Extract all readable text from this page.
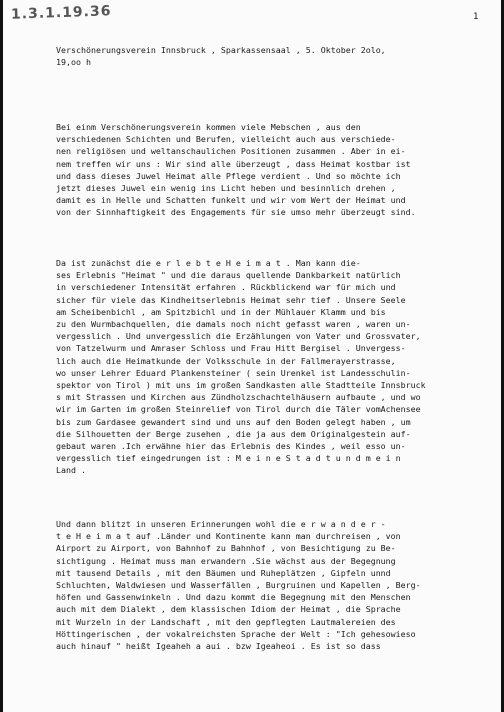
1.3.1.19.36	1
Verschönerungsverein Innsbruck , Sparkassensaal , 5. Oktober 2olo,
19,oo h
Bei einm Verschönerungsverein kommen viele Mebschen , aus den
verschiedenen Schichten und Berufen, vielleicht auch aus verschiede-
nen religiösen und weltanschaulichen Positionen zusammen . Aber in ei-
nem treffen wir uns : Wir sind alle überzeugt , dass Heimat kostbar ist
und dass dieses Juwel Heimat alle Pflege verdient . Und so möchte ich
jetzt dieses Juwel ein wenig ins Licht heben und besinnlich drehen ,
damit es in Helle und Schatten funkelt und wir vom Wert der Heimat und
von der Sinnhaftigkeit des Engagements für sie umso mehr überzeugt sind.
Da ist zunächst die e r l e b t e H e i m a t . Man kann die-
ses Erlebnis "Heimat " und die daraus quellende Dankbarkeit natürlich
in verschiedener Intensität erfahren . Rückblickend war für mich und
sicher für viele das Kindheitserlebnis Heimat sehr tief . Unsere Seele
am Scheibenbichl , am Spitzbichl und in der Mühlauer Klamm und bis
zu den Wurmbachquellen, die damals noch nicht gefasst waren , waren un-
vergesslich . Und unvergesslich die Erzählungen von Vater und Grossvater,
von Tatzelwurm und Amraser Schloss und Frau Hitt Bergisel . Unvergess-
lich auch die Heimatkunde der Volksschule in der Fallmerayerstrasse,
wo unser Lehrer Eduard Plankensteiner ( sein Urenkel ist Landesschulin-
spektor von Tirol ) mit uns im großen Sandkasten alle Stadtteile Innsbruck
s mit Strassen und Kirchen aus Zündholzschachtelhäusern aufbaute , und wo
wir im Garten im großen Steinrelief von Tirol durch die Täler vomAchensee
bis zum Gardasee gewandert sind und uns auf den Boden gelegt haben , um
die Silhouetten der Berge zusehen , die ja aus dem Originalgestein auf-
gebaut waren .Ich erwähne hier das Erlebnis des Kindes , weil esso un-
vergesslich tief eingedrungen ist : M e i n e S t a d t u n d m e i n
Land .
Und dann blitzt in unseren Erinnerungen wohl die e r w a n d e r -
t e H e i m a t auf .Länder und Kontinente kann man durchreisen , von
Airport zu Airport, von Bahnhof zu Bahnhof , von Besichtigung zu Be-
sichtigung . Heimat muss man erwandern .Sie wächst aus der Begegnung
mit tausend Details , mit den Bäumen und Ruheplätzen , Gipfeln unnd
Schluchten, Waldwiesen und Wasserfällen , Burgruinen und Kapellen , Berg-
höfen und Gassenwinkeln . Und dazu kommt die Begegnung mit den Menschen
auch mit dem Dialekt , dem klassischen Idiom der Heimat , die Sprache
mit Wurzeln in der Landschaft , mit den gepflegten Lautmalereien des
Höttingerischen , der vokalreichsten Sprache der Welt : "Ich gehesowieso
auch hinauf " heißt Igeaheh a aui . bzw Igeaheoi . Es ist so dass
